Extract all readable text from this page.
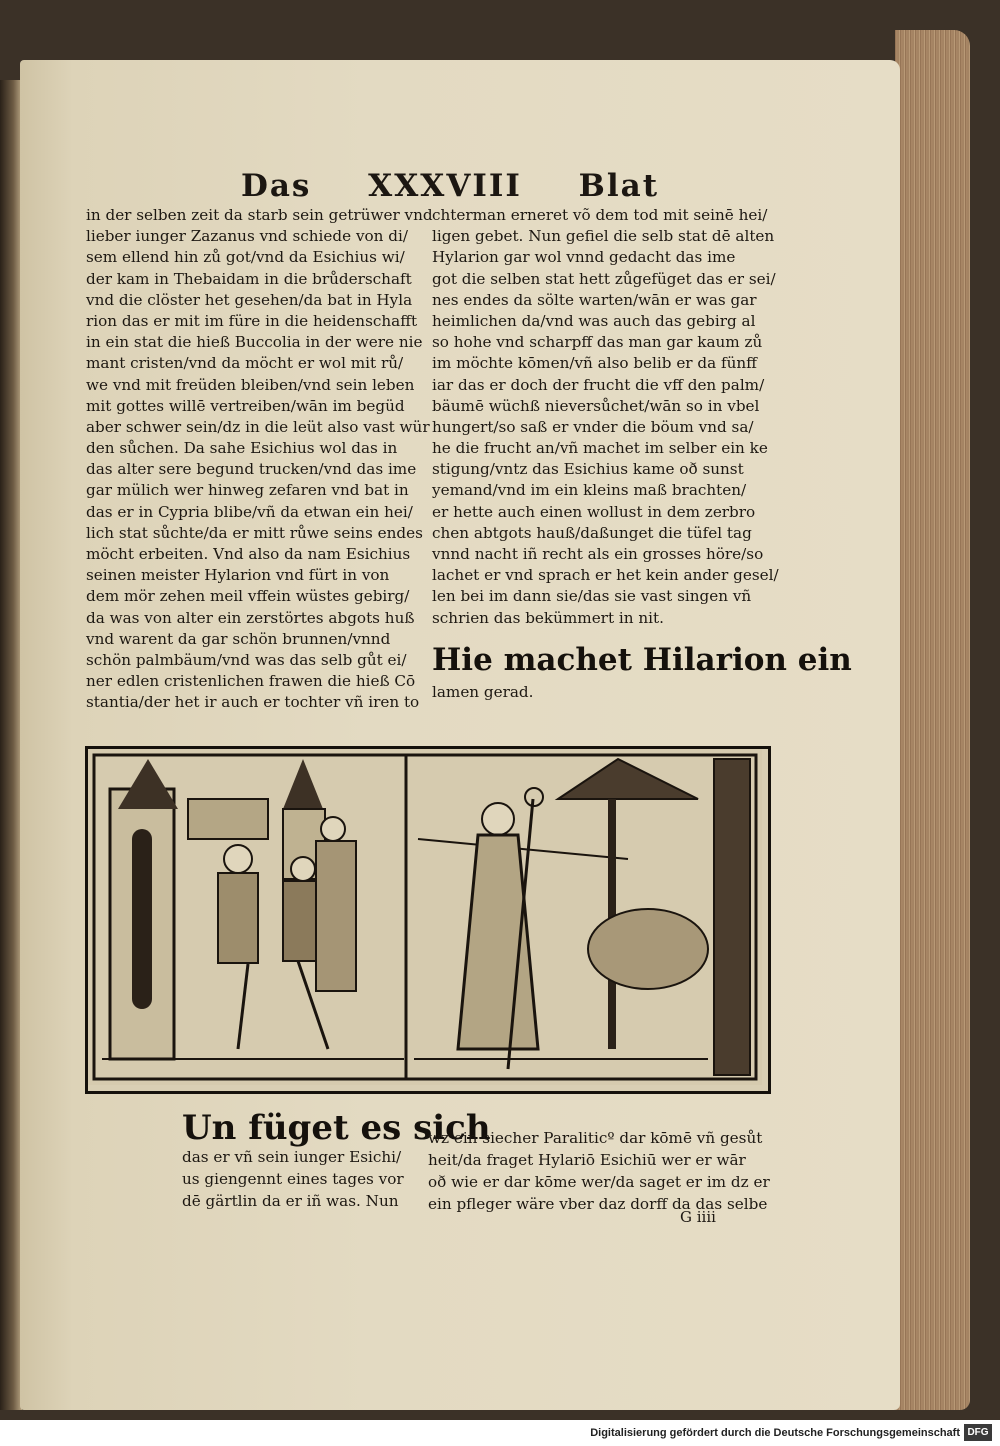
Das XXXVIII Blat
in der selben zeit da starb sein getrüwer vnd
lieber iunger Zazanus vnd schiede von di/
sem ellend hin zů got/vnd da Esichius wi/
der kam in Thebaidam in die brůderschaft
vnd die clöster het gesehen/da bat in Hyla
rion das er mit im füre in die heidenschafft
in ein stat die hieß Buccolia in der were nie
mant cristen/vnd da möcht er wol mit rů/
we vnd mit freüden bleiben/vnd sein leben
mit gottes willē vertreiben/wān im begüd
aber schwer sein/dz in die leüt also vast wür
den sůchen. Da sahe Esichius wol das in
das alter sere begund trucken/vnd das ime
gar mülich wer hinweg zefaren vnd bat in
das er in Cypria blibe/vñ da etwan ein hei/
lich stat sůchte/da er mitt růwe seins endes
möcht erbeiten. Vnd also da nam Esichius
seinen meister Hylarion vnd fürt in von
dem mör zehen meil vffein wüstes gebirg/
da was von alter ein zerstörtes abgots huß
vnd warent da gar schön brunnen/vnnd
schön palmbäum/vnd was das selb gůt ei/
ner edlen cristenlichen frawen die hieß Cō
stantia/der het ir auch er tochter vñ iren to
chterman erneret võ dem tod mit seinē hei/
ligen gebet. Nun gefiel die selb stat dē alten
Hylarion gar wol vnnd gedacht das ime
got die selben stat hett zůgefüget das er sei/
nes endes da sölte warten/wān er was gar
heimlichen da/vnd was auch das gebirg al
so hohe vnd scharpff das man gar kaum zů
im möchte kōmen/vñ also belib er da fünff
iar das er doch der frucht die vff den palm/
bäumē wüchß nieversůchet/wān so in vbel
hungert/so saß er vnder die böum vnd sa/
he die frucht an/vñ machet im selber ein ke
stigung/vntz das Esichius kame oð sunst
yemand/vnd im ein kleins maß brachten/
er hette auch einen wollust in dem zerbro
chen abtgots hauß/daßunget die tüfel tag
vnnd nacht iñ recht als ein grosses höre/so
lachet er vnd sprach er het kein ander gesel/
len bei im dann sie/das sie vast singen vñ
schrien das bekümmert in nit.
Hie machet Hilarion ein
lamen gerad.
Un füget es sich
das er vñ sein iunger Esichi/
us giengennt eines tages vor
dē gärtlin da er iñ was. Nun
wz ein siecher Paraliticº dar kōmē vñ gesůt
heit/da fraget Hylariō Esichiū wer er wār
oð wie er dar kōme wer/da saget er im dz er
ein pfleger wäre vber daz dorff da das selbe
G iiii
Digitalisierung gefördert durch die Deutsche Forschungsgemeinschaft DFG
